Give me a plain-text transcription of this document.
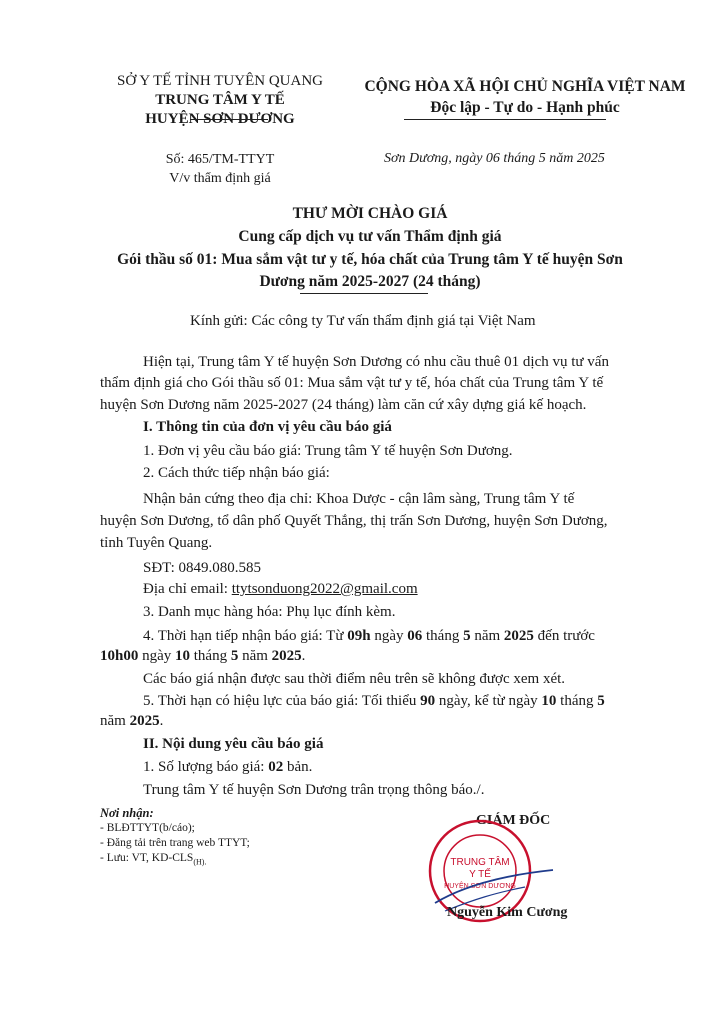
SỞ Y TẾ TỈNH TUYÊN QUANG
TRUNG TÂM Y TẾ
HUYỆN SƠN DƯƠNG
CỘNG HÒA XÃ HỘI CHỦ NGHĨA VIỆT NAM
Độc lập - Tự do - Hạnh phúc
Số: 465/TM-TTYT
V/v thẩm định giá
Sơn Dương, ngày 06 tháng 5 năm 2025
THƯ MỜI CHÀO GIÁ
Cung cấp dịch vụ tư vấn Thẩm định giá
Gói thầu số 01: Mua sắm vật tư y tế, hóa chất của Trung tâm Y tế huyện Sơn
Dương năm 2025-2027 (24 tháng)
Kính gửi: Các công ty Tư vấn thẩm định giá tại Việt Nam
Hiện tại, Trung tâm Y tế huyện Sơn Dương có nhu cầu thuê 01 dịch vụ tư vấn
thẩm định giá cho Gói thầu số 01: Mua sắm vật tư y tế, hóa chất của Trung tâm Y tế
huyện Sơn Dương năm 2025-2027 (24 tháng) làm căn cứ xây dựng giá kế hoạch.
I. Thông tin của đơn vị yêu cầu báo giá
1. Đơn vị yêu cầu báo giá: Trung tâm Y tế huyện Sơn Dương.
2. Cách thức tiếp nhận báo giá:
Nhận bản cứng theo địa chỉ: Khoa Dược - cận lâm sàng, Trung tâm Y tế
huyện Sơn Dương, tổ dân phố Quyết Thắng, thị trấn Sơn Dương, huyện Sơn Dương,
tỉnh Tuyên Quang.
SĐT: 0849.080.585
Địa chỉ email: ttytsonduong2022@gmail.com
3. Danh mục hàng hóa: Phụ lục đính kèm.
4. Thời hạn tiếp nhận báo giá: Từ 09h ngày 06 tháng 5 năm 2025 đến trước
10h00 ngày 10 tháng 5 năm 2025.
Các báo giá nhận được sau thời điểm nêu trên sẽ không được xem xét.
5. Thời hạn có hiệu lực của báo giá: Tối thiểu 90 ngày, kể từ ngày 10 tháng 5
năm 2025.
II. Nội dung yêu cầu báo giá
1. Số lượng báo giá: 02 bản.
Trung tâm Y tế huyện Sơn Dương trân trọng thông báo./.
Nơi nhận:
- BLĐTTYT(b/cáo);
- Đăng tải trên trang web TTYT;
- Lưu: VT, $KD-CLS_{(H).}$
GIÁM ĐỐC
TRUNG TÂM
Y TẾ
HUYỆN SƠN DƯƠNG
Nguyễn Kim Cương
